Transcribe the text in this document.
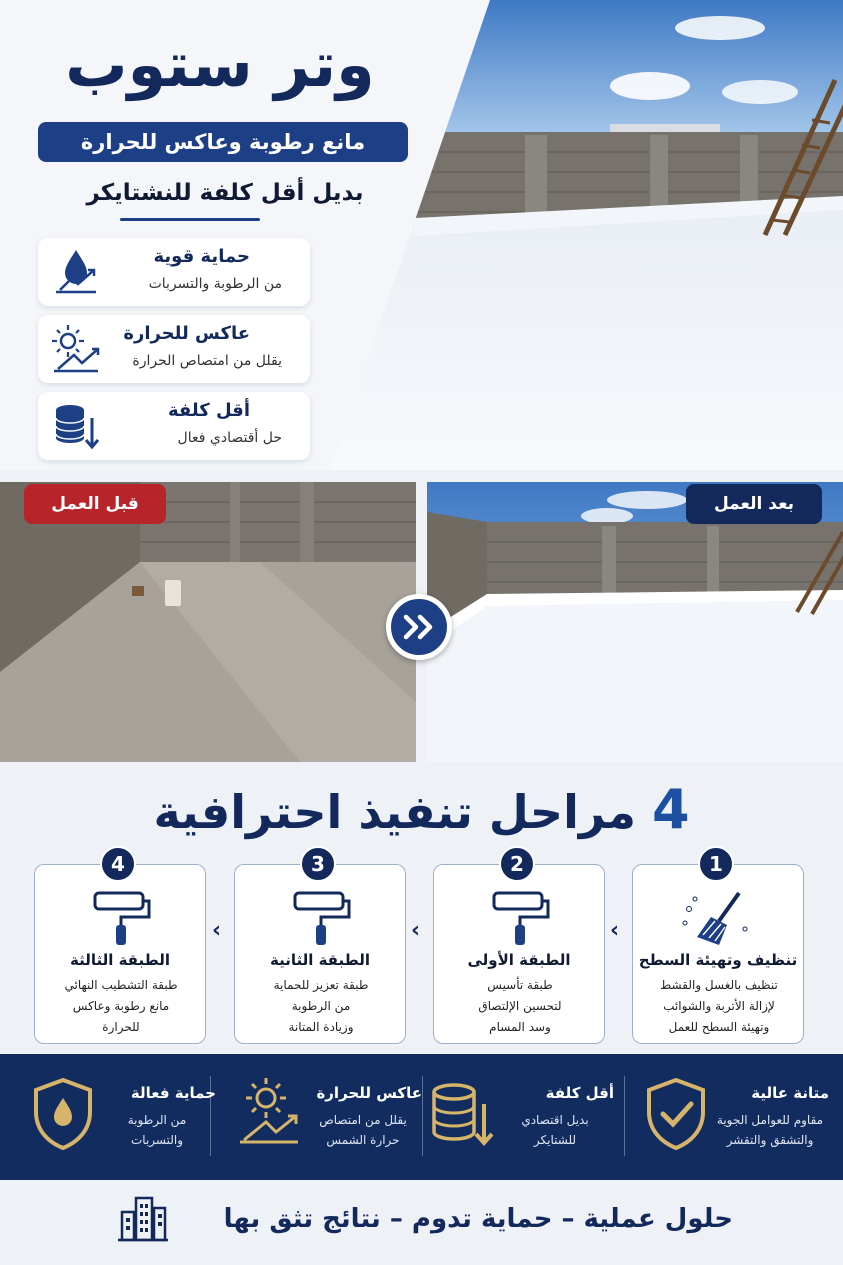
وتر ستوب
مانع رطوبة وعاكس للحرارة
بديل أقل كلفة للنشتايكر
حماية قوية
من الرطوبة والتسربات
عاكس للحرارة
يقلل من امتصاص الحرارة
أقل كلفة
حل أقتصادي فعال
قبل العمل	بعد العمل
4 مراحل تنفيذ احترافية
تنظيف وتهيئة السطح
تنظيف بالغسل والقشط
لإزالة الأتربة والشوائب
وتهيئة السطح للعمل
1
الطبقة الأولى
طبقة تأسيس
لتحسين الإلتصاق
وسد المسام
2
الطبقة الثانية
طبقة تعزيز للحماية
من الرطوبة
وزيادة المتانة
3
الطبقة الثالثة
طبقة التشطيب النهائي
مانع رطوبة وعاكس
للحرارة
4
›	›	›
متانة عالية
مقاوم للعوامل الجوية
والتشقق والتقشر
أقل كلفة
بديل اقتصادي
للشتايكر
عاكس للحرارة
يقلل من امتصاص
حرارة الشمس
حماية فعالة
من الرطوبة
والتسربات
حلول عملية – حماية تدوم – نتائج تثق بها
